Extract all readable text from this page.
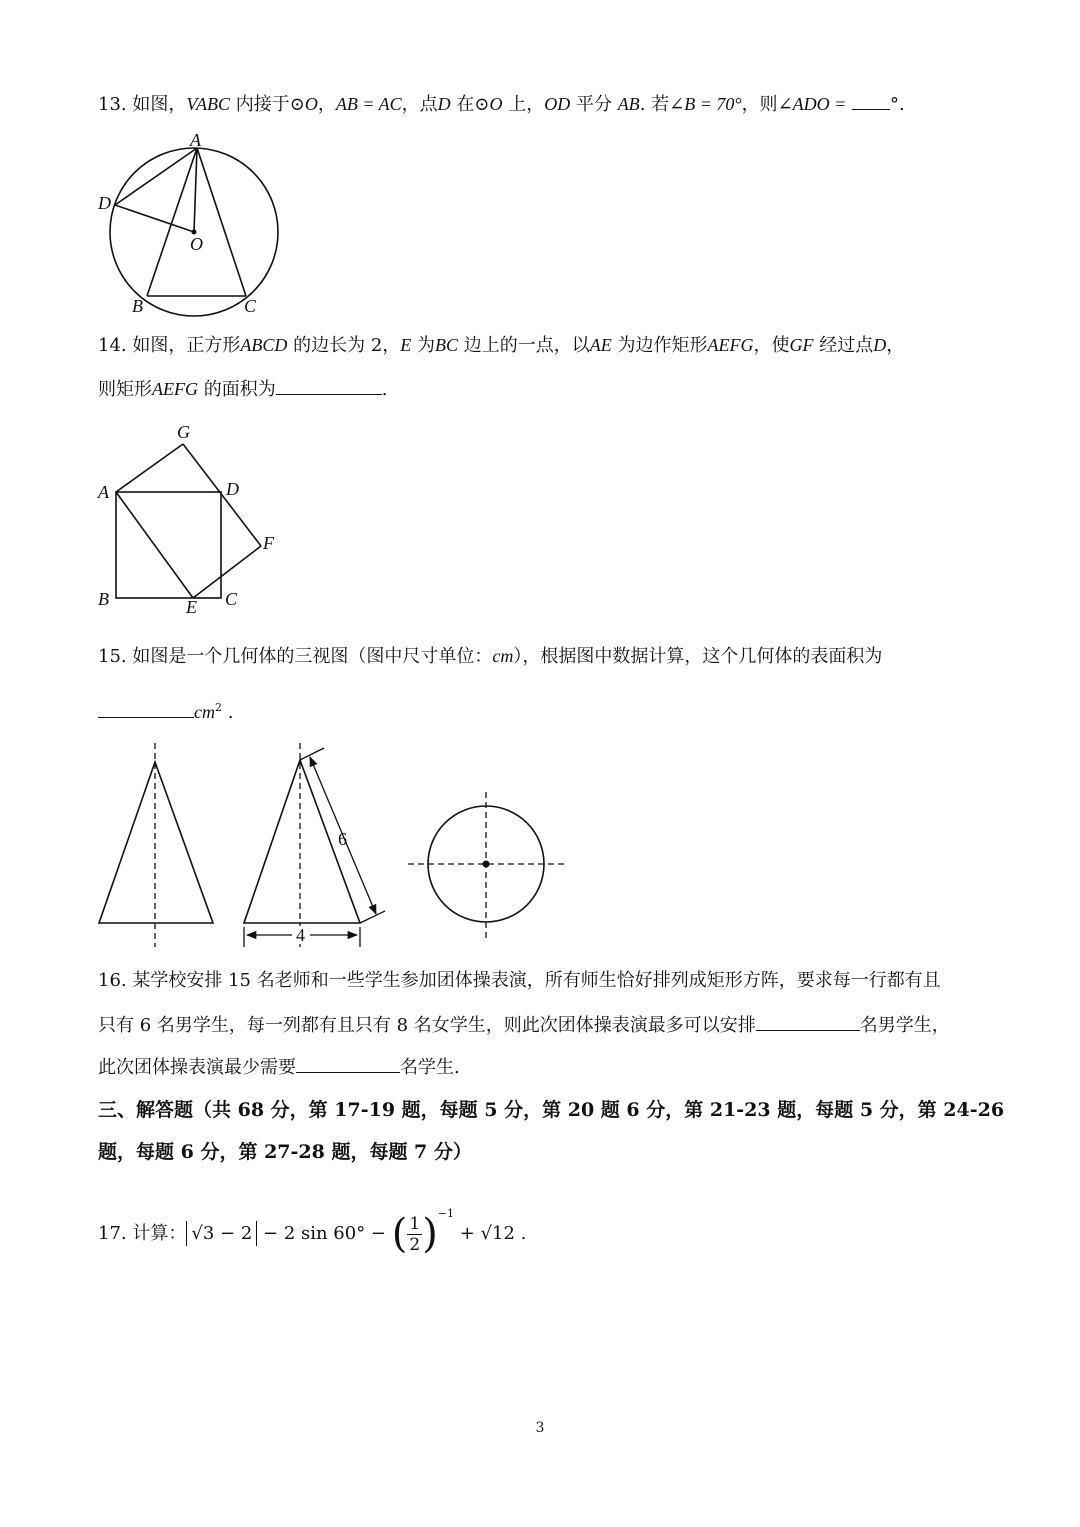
13. 如图，VABC 内接于⊙O，AB = AC，点D 在⊙O 上，OD 平分 AB. 若∠B = 70°，则∠ADO = °.
A
D
O
B	C
14. 如图，正方形ABCD 的边长为 2，E 为BC 边上的一点，以AE 为边作矩形AEFG，使GF 经过点D，
则矩形AEFG 的面积为	.
G
A	D
F
B	E C
15. 如图是一个几何体的三视图（图中尺寸单位：cm），根据图中数据计算，这个几何体的表面积为
$cm^2$ .
6
4
16. 某学校安排 15 名老师和一些学生参加团体操表演，所有师生恰好排列成矩形方阵，要求每一行都有且
只有 6 名男学生，每一列都有且只有 8 名女学生，则此次团体操表演最多可以安排	名男学生，
此次团体操表演最少需要	名学生.
三、解答题（共 68 分，第 17-19 题，每题 5 分，第 20 题 6 分，第 21-23 题，每题 5 分，第 24-26
题，每题 6 分，第 27-28 题，每题 7 分）
17. 计算： √3 − 2 − 2 sin 60° − ( $\frac{1}{2} )^{-1} + √12$ .
3
